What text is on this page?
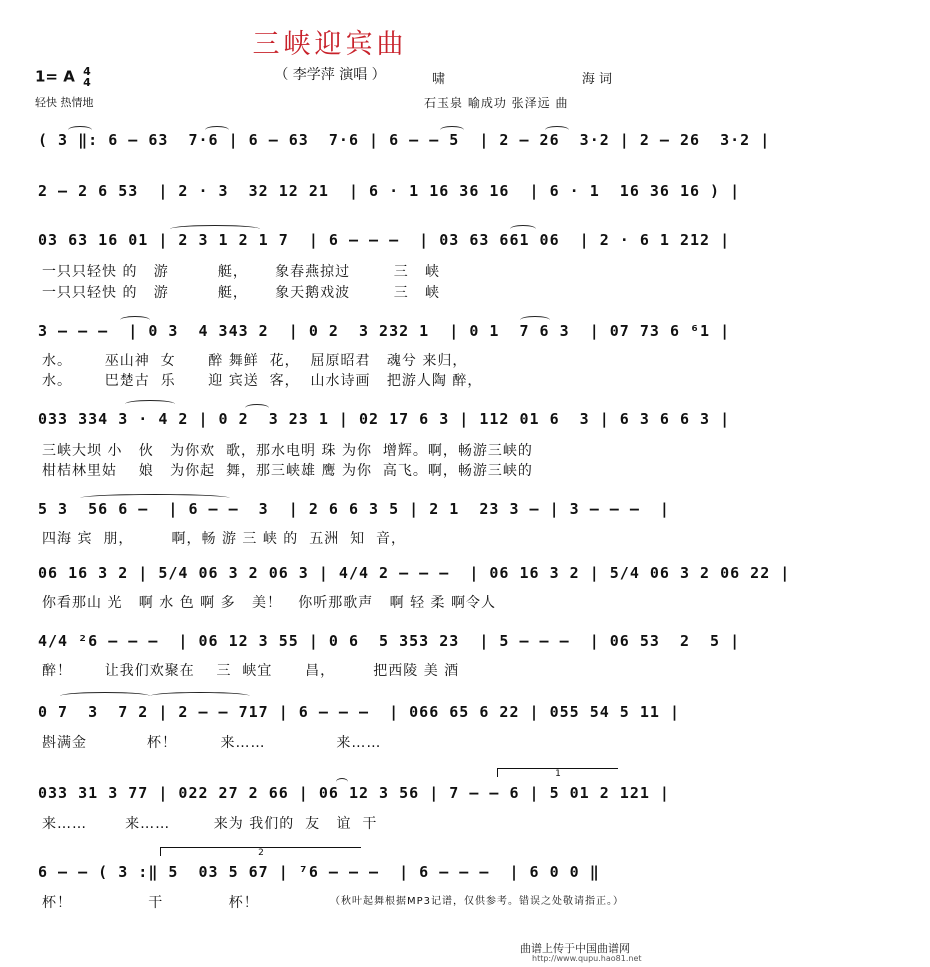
三峡迎宾曲
（ 李学萍 演唱 ）
1= A 4
4
轻快 热情地
啸	海 词
石玉泉 喻成功 张泽远 曲
( 3 ‖: 6 – 63  7·6 | 6 – 63  7·6 | 6 – – 5  | 2 – 26  3·2 | 2 – 26  3·2 |
2 – 2 6 53  | 2 · 3  32 12 21  | 6 · 1 16 36 16  | 6 · 1  16 36 16 ) |
03 63 16 01 | 2 3 1 2 1 7  | 6 – – –  | 03 63 661 06  | 2 · 6 1 212 |
一只只轻快 的   游         艇，     象春燕掠过        三   峡
一只只轻快 的   游         艇，     象天鹅戏波        三   峡
3 – – –  | 0 3  4 343 2  | 0 2  3 232 1  | 0 1  7 6 3  | 07 73 6 ⁶1 |
水。      巫山神  女      醉 舞鲜  花，  屈原昭君   魂兮 来归，
水。      巴楚古  乐      迎 宾送  客，  山水诗画   把游人陶 醉，
033 334 3 · 4 2 | 0 2  3 23 1 | 02 17 6 3 | 112 01 6  3 | 6 3 6 6 3 |
三峡大坝 小   伙   为你欢  歌，那水电明 珠 为你  增辉。啊，畅游三峡的
柑桔林里姑    娘   为你起  舞，那三峡雄 鹰 为你  高飞。啊，畅游三峡的
5 3  56 6 –  | 6 – –  3  | 2 6 6 3 5 | 2 1  23 3 – | 3 – – –  |
四海 宾  朋，       啊，畅 游 三 峡 的  五洲  知  音，
06 16 3 2 | 5/4 06 3 2 06 3 | 4/4 2 – – –  | 06 16 3 2 | 5/4 06 3 2 06 22 |
你看那山 光   啊 水 色 啊 多   美！   你听那歌声   啊 轻 柔 啊令人
4/4 ²6 – – –  | 06 12 3 55 | 0 6  5 353 23  | 5 – – –  | 06 53  2  5 |
醉！      让我们欢聚在    三  峡宜      昌，       把西陵 美 酒
0 7  3  7 2 | 2 – – 717 | 6 – – –  | 066 65 6 22 | 055 54 5 11 |
斟满金           杯！        来……             来……
033 31 3 77 | 022 27 2 66 | 06 12 3 56 | 7 – – 6 | 5 01 2 121 |
来……       来……        来为 我们的  友   谊  干
6 – – ( 3 :‖ 5  03 5 67 | ⁷6 – – –  | 6 – – –  | 6 0 0 ‖
杯！              干            杯！	（秋叶起舞根据MP3记谱，仅供参考。错误之处敬请指正。）
1
2
曲谱上传于中国曲谱网
http://www.qupu.hao81.net
